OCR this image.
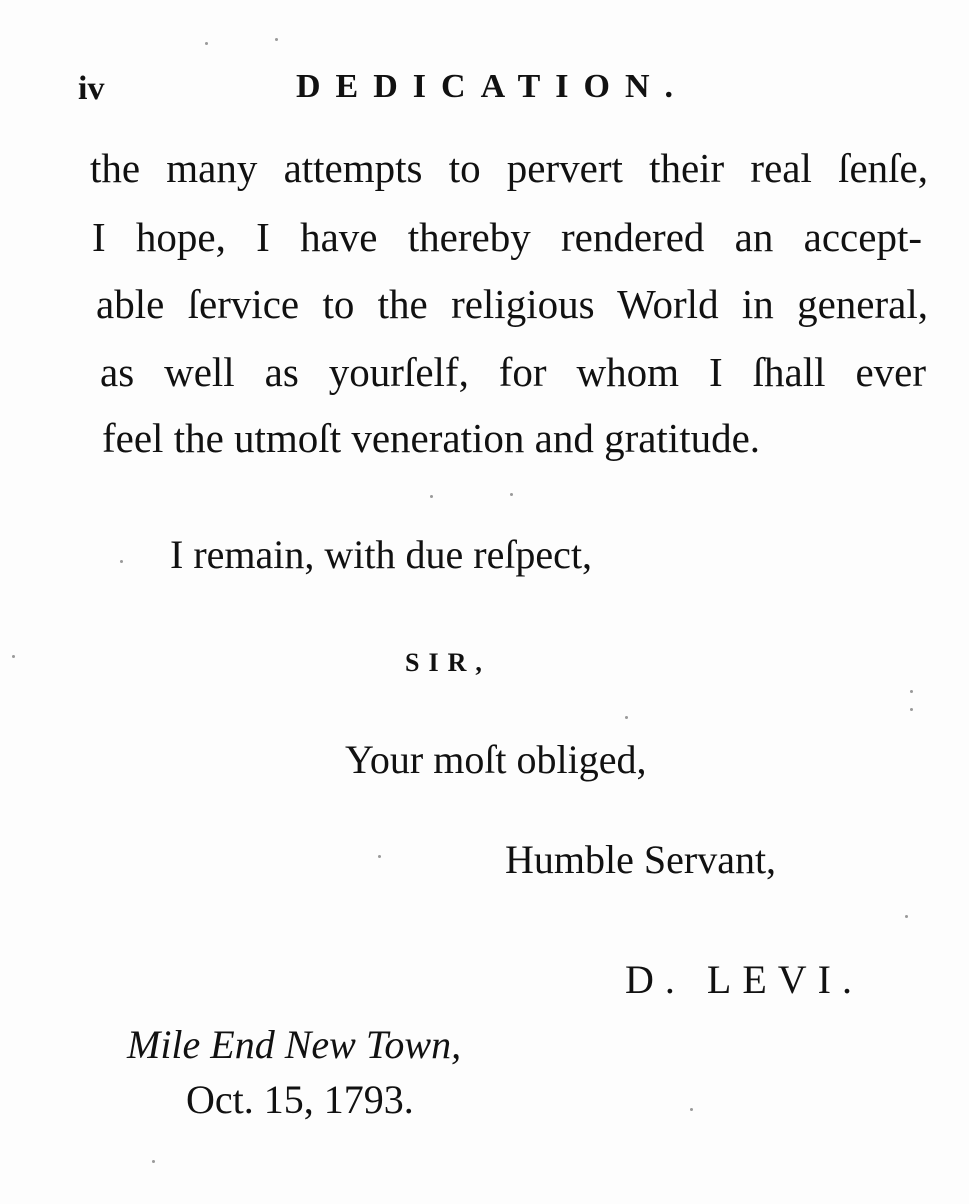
iv	DEDICATION.
the many attempts to pervert their real ſenſe,
I hope, I have thereby rendered an accept-
able ſervice to the religious World in general,
as well as yourſelf, for whom I ſhall ever
feel the utmoſt veneration and gratitude.
I remain, with due reſpect,
SIR,
Your moſt obliged,
Humble Servant,
D. LEVI.
Mile End New Town,
Oct. 15, 1793.
